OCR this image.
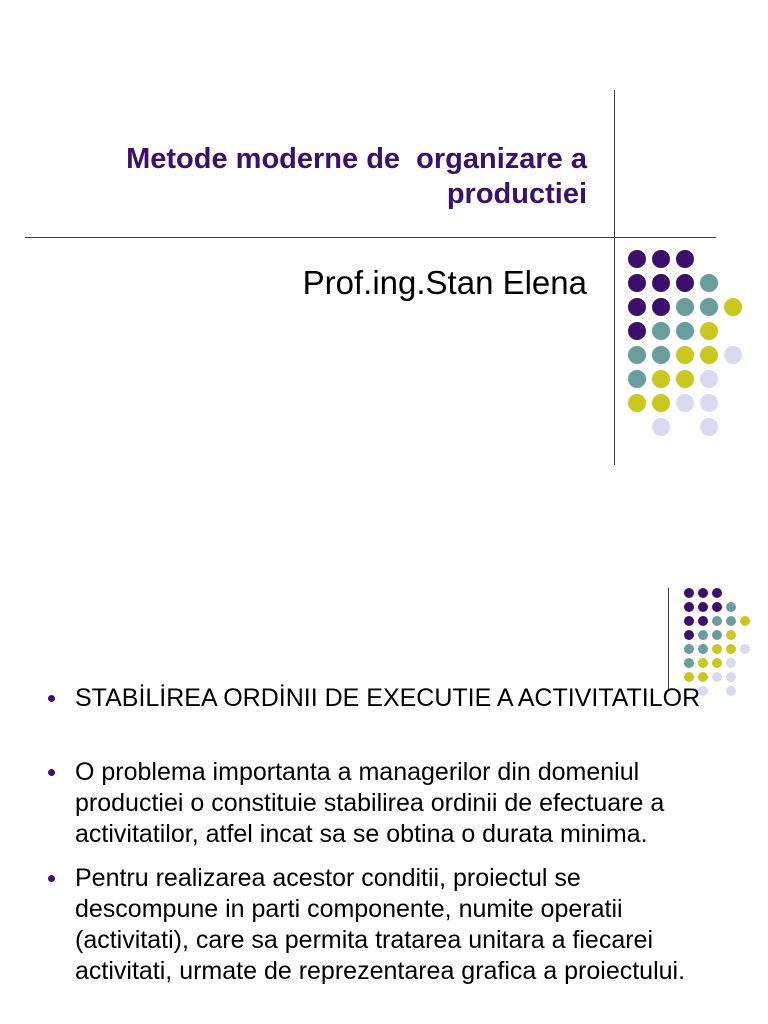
Metode moderne de  organizare a
productiei
Prof.ing.Stan Elena
STABİLİREA ORDİNII DE EXECUTIE A ACTIVITATILOR
O problema importanta a managerilor din domeniul
productiei o constituie stabilirea ordinii de efectuare a
activitatilor, atfel incat sa se obtina o durata minima.
Pentru realizarea acestor conditii, proiectul se
descompune in parti componente, numite operatii
(activitati), care sa permita tratarea unitara a fiecarei
activitati, urmate de reprezentarea grafica a proiectului.
